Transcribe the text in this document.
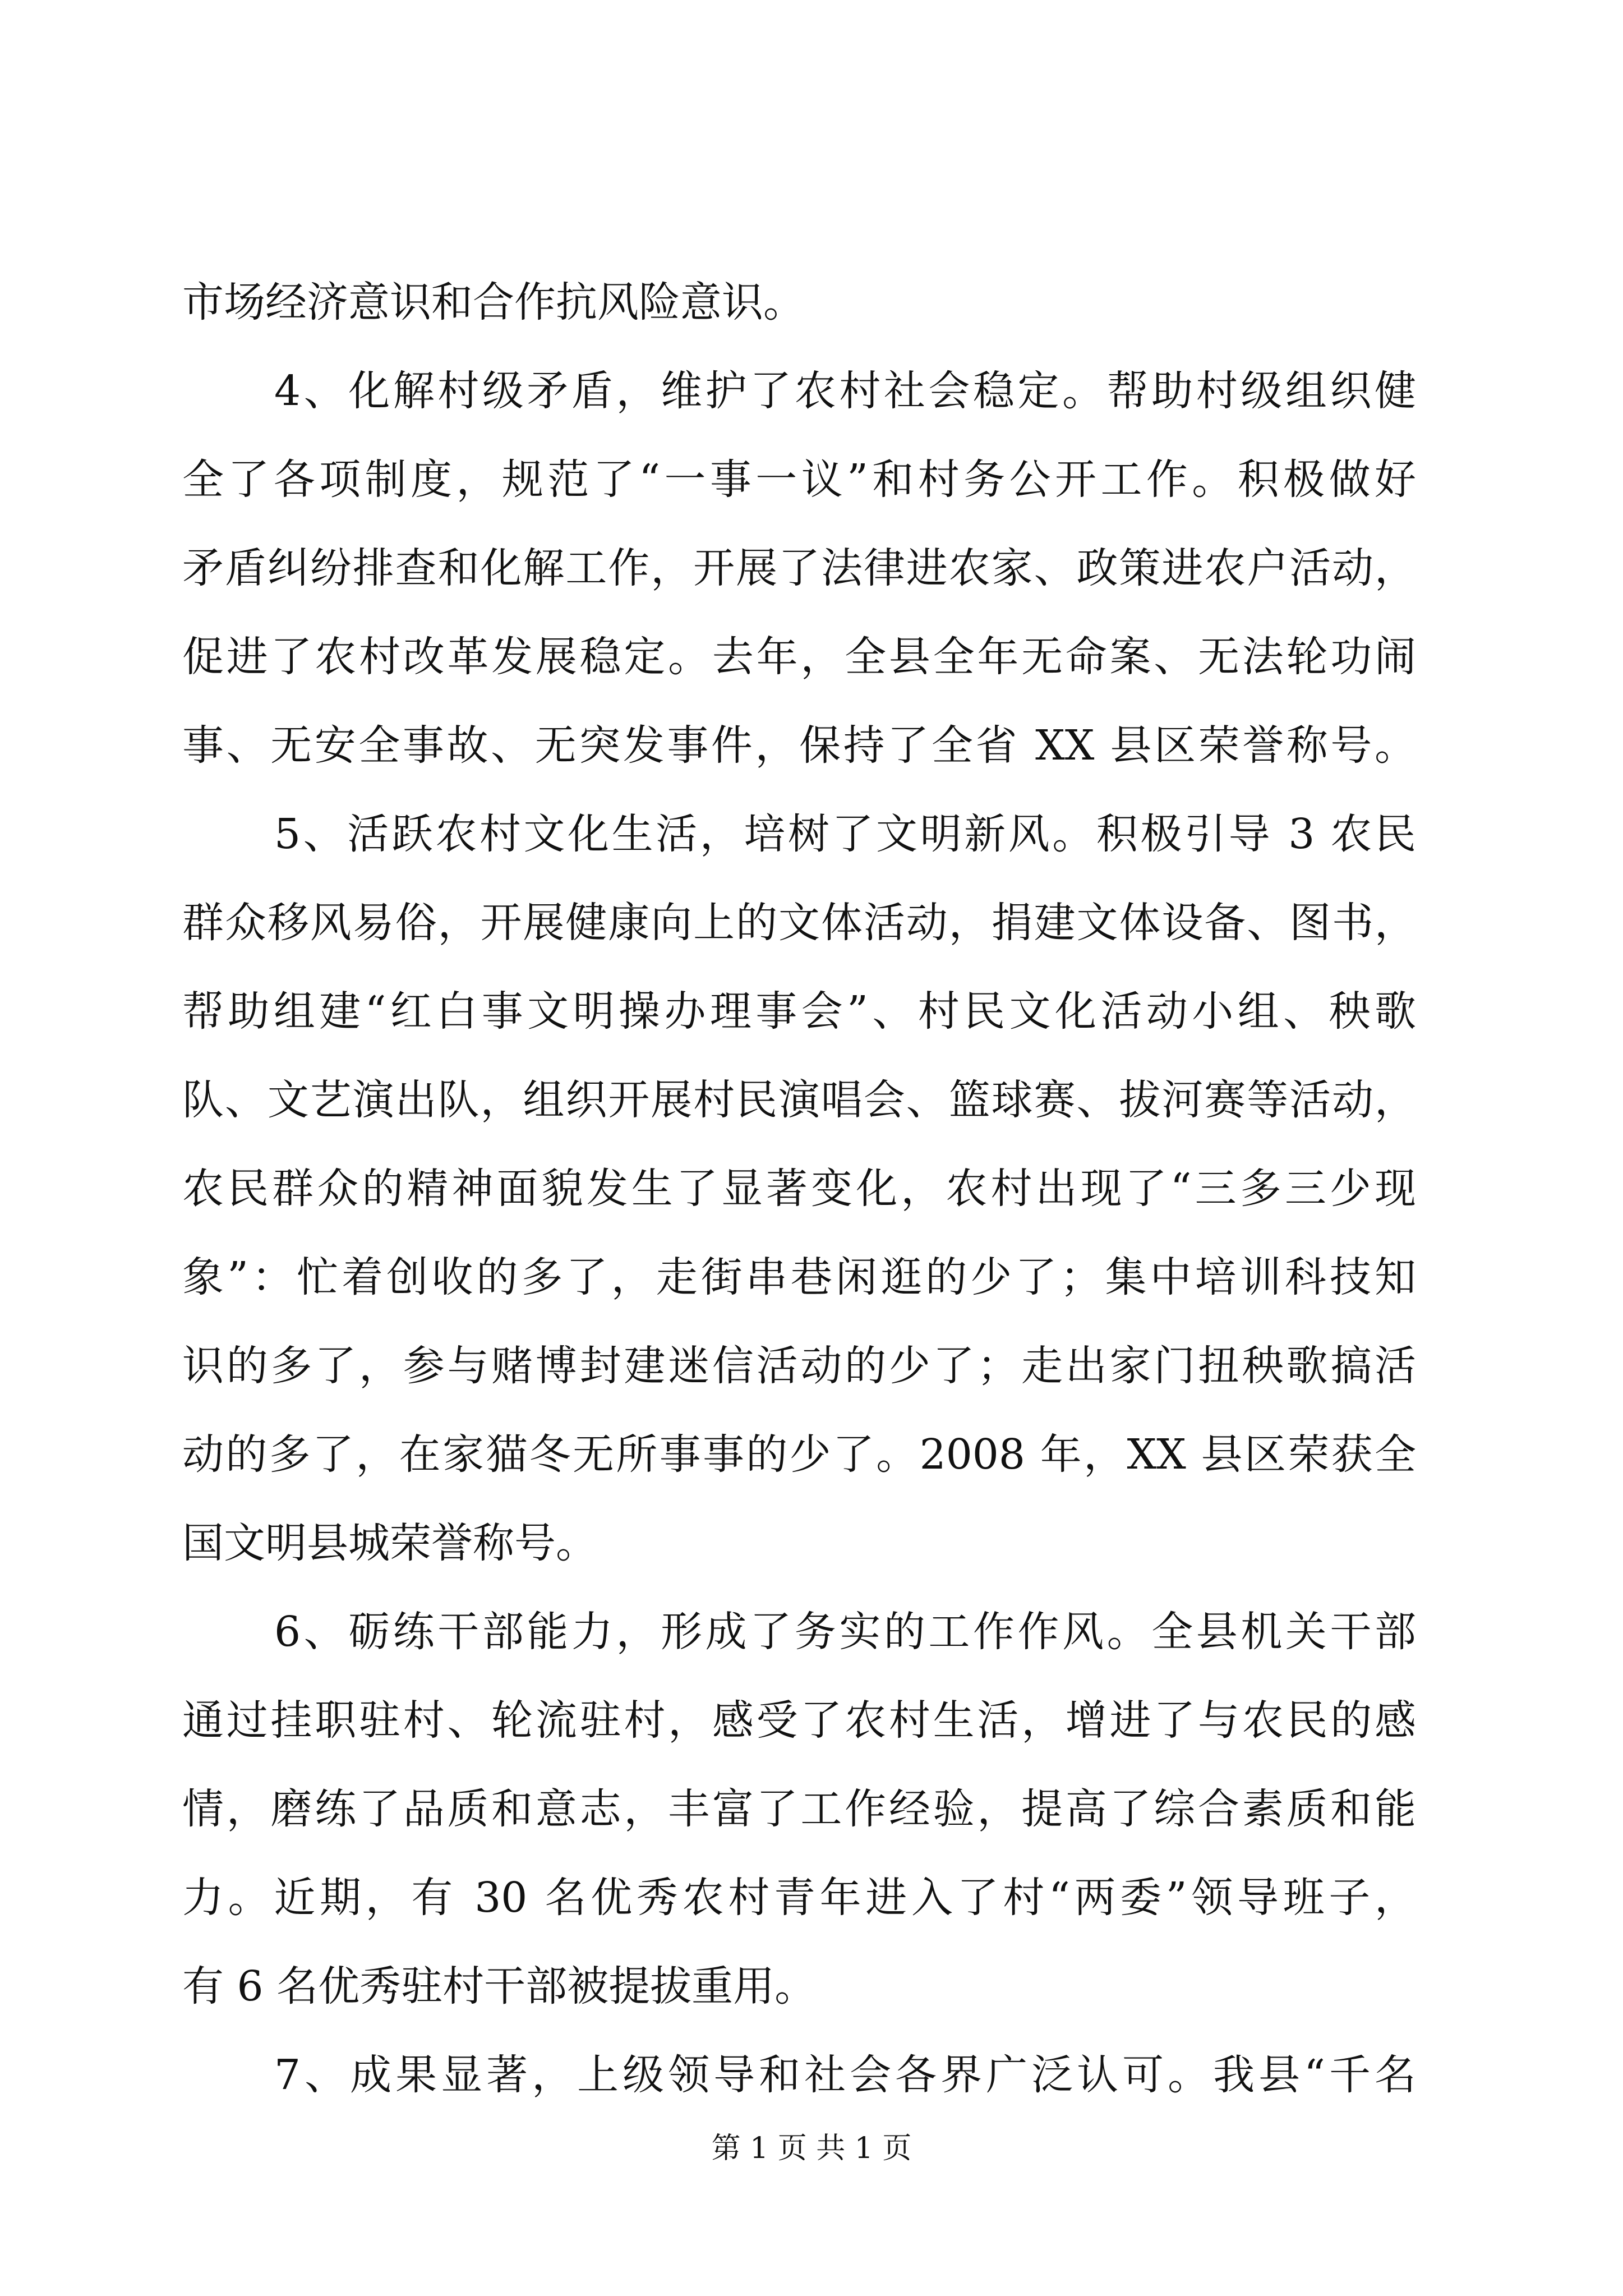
市场经济意识和合作抗风险意识。
4、化解村级矛盾，维护了农村社会稳定。帮助村级组织健
全了各项制度，规范了“一事一议”和村务公开工作。积极做好
矛盾纠纷排查和化解工作，开展了法律进农家、政策进农户活动，
促进了农村改革发展稳定。去年，全县全年无命案、无法轮功闹
事、无安全事故、无突发事件，保持了全省 XX 县区荣誉称号。
5、活跃农村文化生活，培树了文明新风。积极引导 3 农民
群众移风易俗，开展健康向上的文体活动，捐建文体设备、图书，
帮助组建“红白事文明操办理事会”、村民文化活动小组、秧歌
队、文艺演出队，组织开展村民演唱会、篮球赛、拔河赛等活动，
农民群众的精神面貌发生了显著变化，农村出现了“三多三少现
象”：忙着创收的多了，走街串巷闲逛的少了；集中培训科技知
识的多了，参与赌博封建迷信活动的少了；走出家门扭秧歌搞活
动的多了，在家猫冬无所事事的少了。2008 年，XX 县区荣获全
国文明县城荣誉称号。
6、砺练干部能力，形成了务实的工作作风。全县机关干部
通过挂职驻村、轮流驻村，感受了农村生活，增进了与农民的感
情，磨练了品质和意志，丰富了工作经验，提高了综合素质和能
力。近期，有 30 名优秀农村青年进入了村“两委”领导班子，
有 6 名优秀驻村干部被提拔重用。
7、成果显著，上级领导和社会各界广泛认可。我县“千名
第 1 页 共 1 页
